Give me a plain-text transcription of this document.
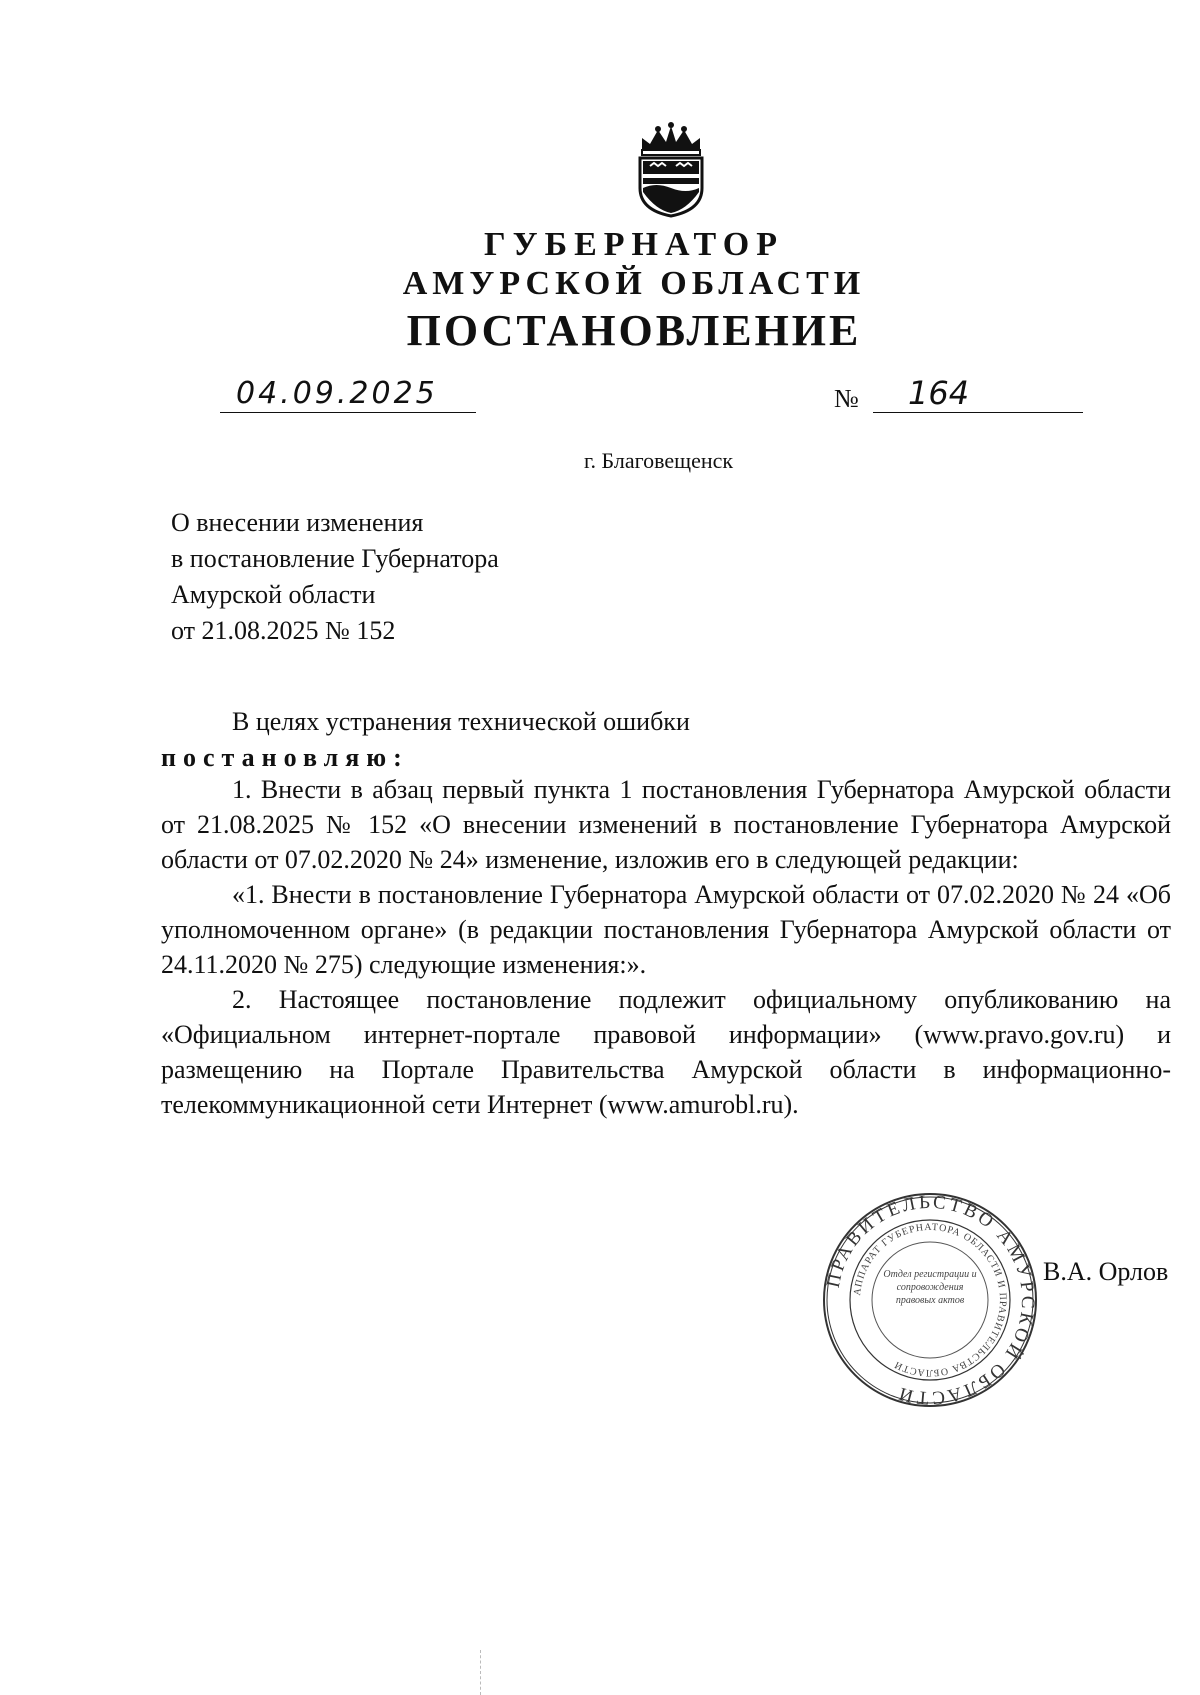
ГУБЕРНАТОР
АМУРСКОЙ ОБЛАСТИ
ПОСТАНОВЛЕНИЕ
04.09.2025	№ 164
г. Благовещенск
О внесении изменения
в постановление Губернатора
Амурской области
от 21.08.2025 № 152

В целях устранения технической ошибки

постановляю:

1. Внести в абзац первый пункта 1 постановления Губернатора Амурской области от 21.08.2025 № 152 «О внесении изменений в постановление Губернатора Амурской области от 07.02.2020 № 24» изменение, изложив его в следующей редакции:

«1. Внести в постановление Губернатора Амурской области от 07.02.2020 № 24 «Об уполномоченном органе» (в редакции постановления Губернатора Амурской области от 24.11.2020 № 275) следующие изменения:».

2. Настоящее постановление подлежит официальному опубликованию на «Официальном интернет-портале правовой информации» (www.pravo.gov.ru) и размещению на Портале Правительства Амурской области в информационно-телекоммуникационной сети Интернет (www.amurobl.ru).

ПРАВИТЕЛЬСТВО АМУРСКОЙ ОБЛАСТИ
АППАРАТ ГУБЕРНАТОРА ОБЛАСТИ И ПРАВИТЕЛЬСТВА ОБЛАСТИ
Отдел регистрации и сопровождения правовых актов
В.А. Орлов
